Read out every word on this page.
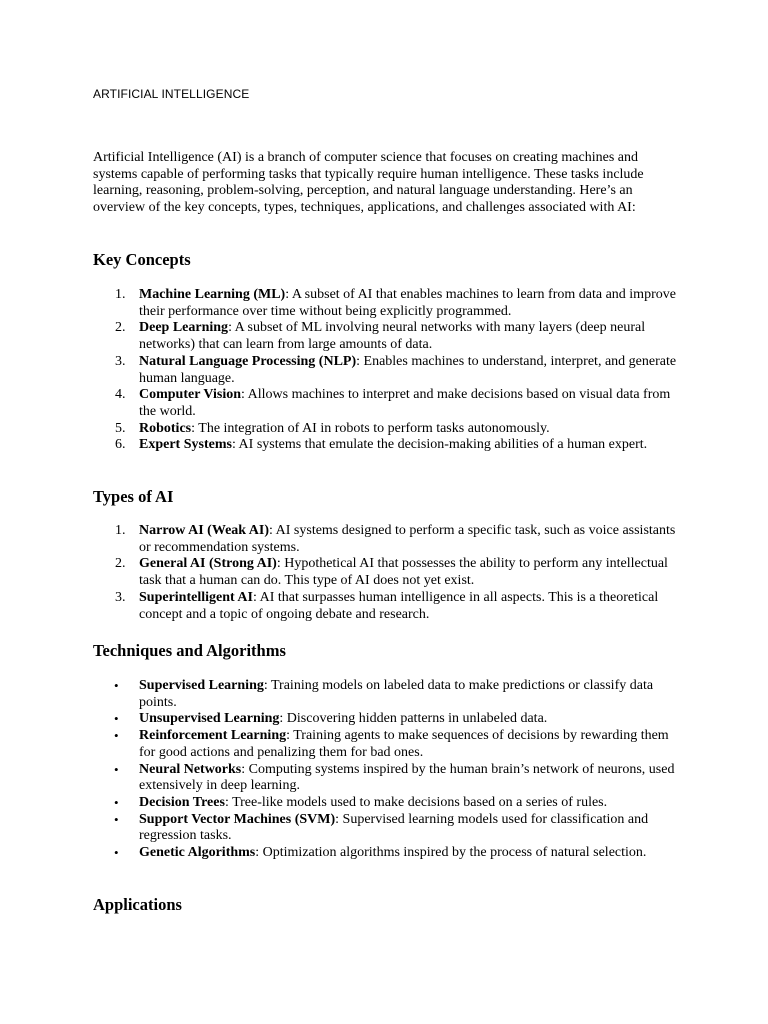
ARTIFICIAL INTELLIGENCE

Artificial Intelligence (AI) is a branch of computer science that focuses on creating machines and systems capable of performing tasks that typically require human intelligence. These tasks include learning, reasoning, problem-solving, perception, and natural language understanding. Here’s an overview of the key concepts, types, techniques, applications, and challenges associated with AI:

Key Concepts
1. Machine Learning (ML): A subset of AI that enables machines to learn from data and improve their performance over time without being explicitly programmed.
2. Deep Learning: A subset of ML involving neural networks with many layers (deep neural networks) that can learn from large amounts of data.
3. Natural Language Processing (NLP): Enables machines to understand, interpret, and generate human language.
4. Computer Vision: Allows machines to interpret and make decisions based on visual data from the world.
5. Robotics: The integration of AI in robots to perform tasks autonomously.
6. Expert Systems: AI systems that emulate the decision-making abilities of a human expert.
Types of AI
1. Narrow AI (Weak AI): AI systems designed to perform a specific task, such as voice assistants or recommendation systems.
2. General AI (Strong AI): Hypothetical AI that possesses the ability to perform any intellectual task that a human can do. This type of AI does not yet exist.
3. Superintelligent AI: AI that surpasses human intelligence in all aspects. This is a theoretical concept and a topic of ongoing debate and research.
Techniques and Algorithms
• Supervised Learning: Training models on labeled data to make predictions or classify data points.
• Unsupervised Learning: Discovering hidden patterns in unlabeled data.
• Reinforcement Learning: Training agents to make sequences of decisions by rewarding them for good actions and penalizing them for bad ones.
• Neural Networks: Computing systems inspired by the human brain’s network of neurons, used extensively in deep learning.
• Decision Trees: Tree-like models used to make decisions based on a series of rules.
• Support Vector Machines (SVM): Supervised learning models used for classification and regression tasks.
• Genetic Algorithms: Optimization algorithms inspired by the process of natural selection.
Applications
